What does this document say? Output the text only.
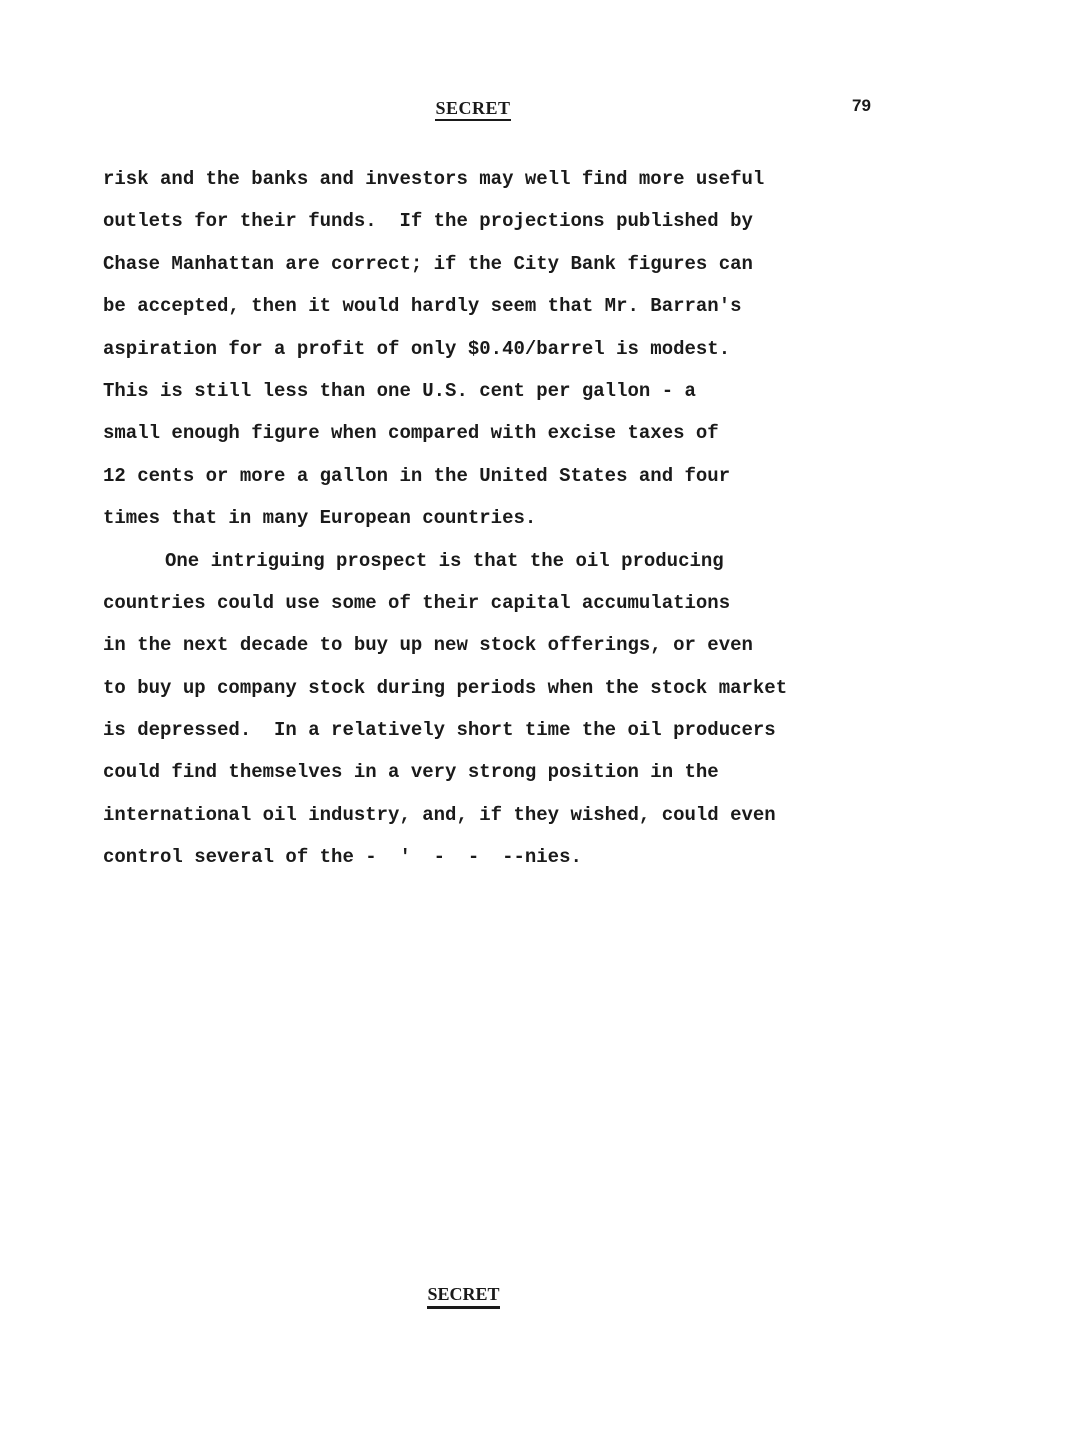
SECRET	79
risk and the banks and investors may well find more useful
outlets for their funds.  If the projections published by
Chase Manhattan are correct; if the City Bank figures can
be accepted, then it would hardly seem that Mr. Barran's
aspiration for a profit of only $0.40/barrel is modest.
This is still less than one U.S. cent per gallon - a
small enough figure when compared with excise taxes of
12 cents or more a gallon in the United States and four
times that in many European countries.
One intriguing prospect is that the oil producing
countries could use some of their capital accumulations
in the next decade to buy up new stock offerings, or even
to buy up company stock during periods when the stock market
is depressed.  In a relatively short time the oil producers
could find themselves in a very strong position in the
international oil industry, and, if they wished, could even
control several of the -  '  -  -  --nies.
SECRET
